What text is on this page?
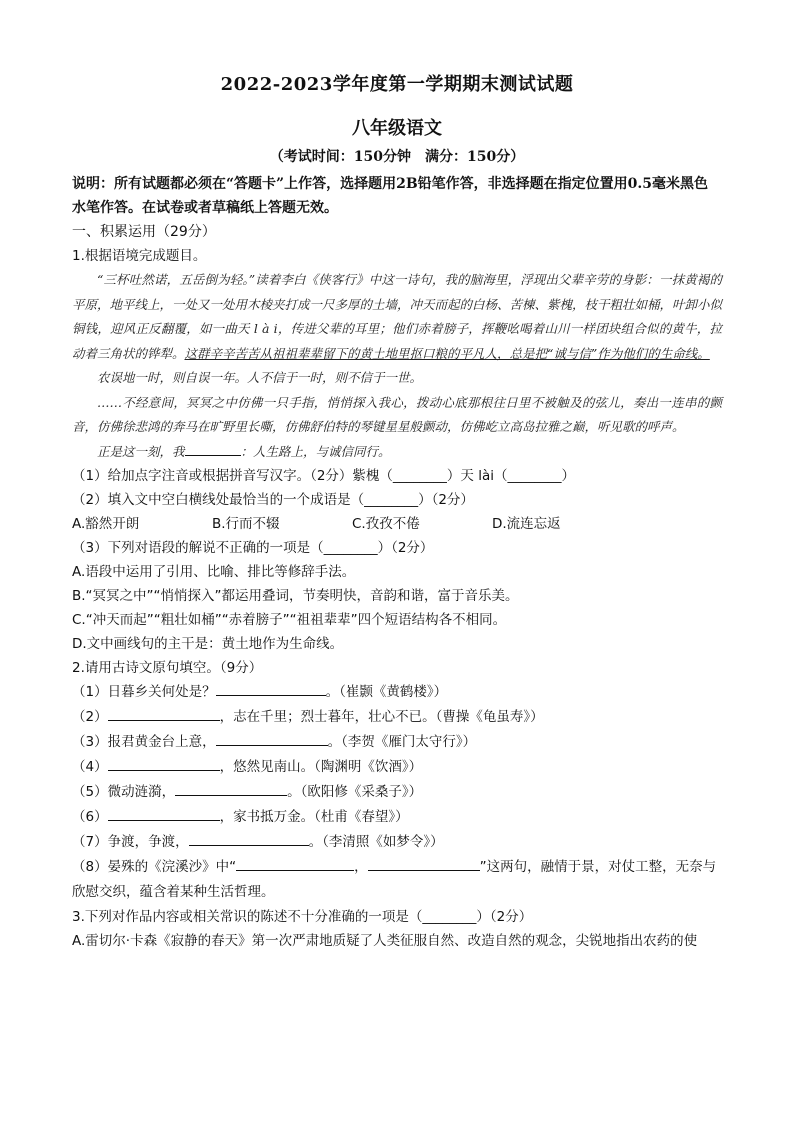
2022-2023学年度第一学期期末测试试题
八年级语文
（考试时间：150分钟　满分：150分）

说明：所有试题都必须在“答题卡”上作答，选择题用2B铅笔作答，非选择题在指定位置用0.5毫米黑色水笔作答。在试卷或者草稿纸上答题无效。

一、积累运用（29分）

1.根据语境完成题目。

“三杯吐然诺，五岳倒为轻。”读着李白《侠客行》中这一诗句，我的脑海里，浮现出父辈辛劳的身影：一抹黄褐的平原，地平线上，一处又一处用木棱夹打成一尺多厚的土墙，冲天而起的白杨、苦楝、紫槐，枝干粗壮如桶，叶卸小似铜钱，迎风正反翻覆，如一曲天 l à i，传进父辈的耳里；他们赤着膀子，挥鞭吆喝着山川一样团块组合似的黄牛，拉动着三角状的铧犁。这群辛辛苦苦从祖祖辈辈留下的黄土地里抠口粮的平凡人，总是把“诚与信”作为他们的生命线。

农误地一时，则自误一年。人不信于一时，则不信于一世。

……不经意间，冥冥之中仿佛一只手指，悄悄探入我心，拨动心底那根往日里不被触及的弦儿，奏出一连串的颤音，仿佛徐悲鸿的奔马在旷野里长嘶，仿佛舒伯特的琴键星星般颤动，仿佛屹立高岛拉雅之巅，听见歌的呼声。

正是这一刻，我	：人生路上，与诚信同行。

（1）给加点字注音或根据拼音写汉字。（2分）紫槐（________）天 lài（________）

（2）填入文中空白横线处最恰当的一个成语是（________）（2分）

A.豁然开朗	B.行而不辍	C.孜孜不倦	D.流连忘返

（3）下列对语段的解说不正确的一项是（________）（2分）

A.语段中运用了引用、比喻、排比等修辞手法。

B.“冥冥之中”“悄悄探入”都运用叠词，节奏明快，音韵和谐，富于音乐美。

C.“冲天而起”“粗壮如桶”“赤着膀子”“祖祖辈辈”四个短语结构各不相同。

D.文中画线句的主干是：黄土地作为生命线。

2.请用古诗文原句填空。（9分）

（1）日暮乡关何处是？	。（崔颢《黄鹤楼》）

（2）	，志在千里；烈士暮年，壮心不已。（曹操《龟虽寿》）

（3）报君黄金台上意，	。（李贺《雁门太守行》）

（4）	，悠然见南山。（陶渊明《饮酒》）

（5）微动涟漪，	。（欧阳修《采桑子》）

（6）	，家书抵万金。（杜甫《春望》）

（7）争渡，争渡，	。（李清照《如梦令》）

（8）晏殊的《浣溪沙》中“	，	”这两句，融情于景，对仗工整，无奈与欣慰交织，蕴含着某种生活哲理。

3.下列对作品内容或相关常识的陈述不十分准确的一项是（________）（2分）

A.雷切尔·卡森《寂静的春天》第一次严肃地质疑了人类征服自然、改造自然的观念，尖锐地指出农药的使
